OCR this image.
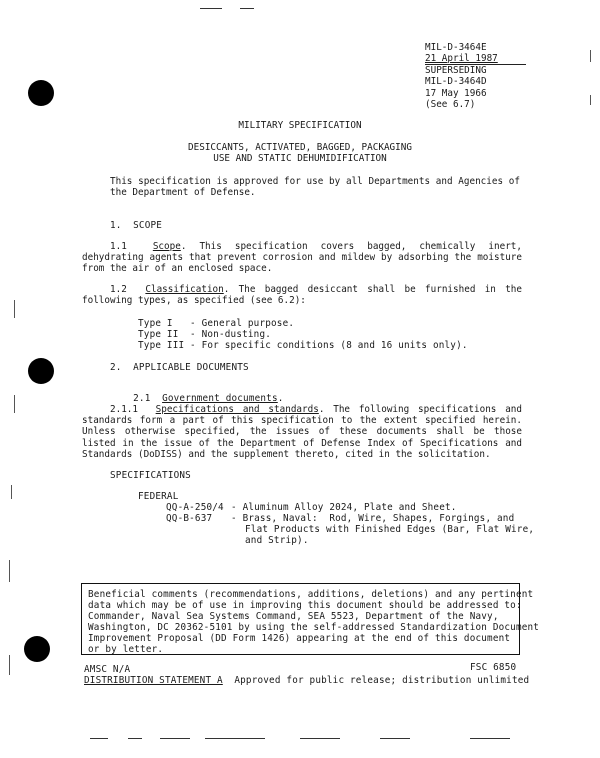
MIL-D-3464E
21 April 1987
SUPERSEDING
MIL-D-3464D
17 May 1966
(See 6.7)
MILITARY SPECIFICATION
DESICCANTS, ACTIVATED, BAGGED, PACKAGING
USE AND STATIC DEHUMIDIFICATION
This specification is approved for use by all Departments and Agencies of the Department of Defense.
1.  SCOPE
1.1	Scope. This specification covers bagged, chemically inert, dehydrating agents that prevent corrosion and mildew by adsorbing the moisture from the air of an enclosed space.
1.2 Classification. The bagged desiccant shall be furnished in the following types, as specified (see 6.2):
Type I   - General purpose.
Type II  - Non-dusting.
Type III - For specific conditions (8 and 16 units only).
2.  APPLICABLE DOCUMENTS

2.1 Government documents.

2.1.1 Specifications and standards. The following specifications and standards form a part of this specification to the extent specified herein. Unless otherwise specified, the issues of these documents shall be those listed in the issue of the Department of Defense Index of Specifications and Standards (DoDISS) and the supplement thereto, cited in the solicitation.
SPECIFICATIONS
FEDERAL
QQ-A-250/4 - Aluminum Alloy 2024, Plate and Sheet.
QQ-B-637 - Brass, Naval:  Rod, Wire, Shapes, Forgings, and
Flat Products with Finished Edges (Bar, Flat Wire,
and Strip).
Beneficial comments (recommendations, additions, deletions) and any pertinent
data which may be of use in improving this document should be addressed to:
Commander, Naval Sea Systems Command, SEA 5523, Department of the Navy,
Washington, DC 20362-5101 by using the self-addressed Standardization Document
Improvement Proposal (DD Form 1426) appearing at the end of this document
or by letter.
AMSC N/A	FSC 6850
DISTRIBUTION STATEMENT A  Approved for public release; distribution unlimited
